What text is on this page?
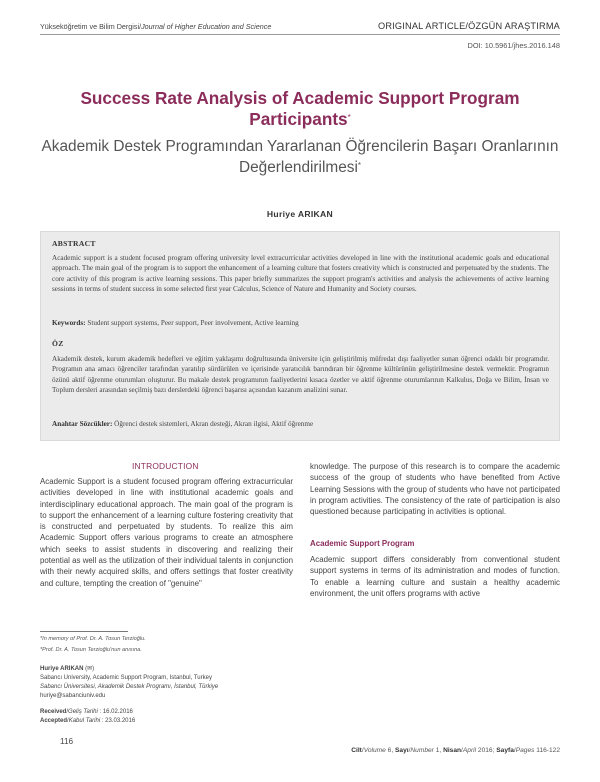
Yükseköğretim ve Bilim Dergisi/Journal of Higher Education and Science	ORIGINAL ARTICLE/ÖZGÜN ARAŞTIRMA
DOI: 10.5961/jhes.2016.148
Success Rate Analysis of Academic Support Program Participants*
Akademik Destek Programından Yararlanan Öğrencilerin Başarı Oranlarının Değerlendirilmesi*
Huriye ARIKAN
ABSTRACT
Academic support is a student focused program offering university level extracurricular activities developed in line with the institutional academic goals and educational approach. The main goal of the program is to support the enhancement of a learning culture that fosters creativity which is constructed and perpetuated by the students. The core activity of this program is active learning sessions. This paper briefly summarizes the support program's activities and analysis the achievements of active learning sessions in terms of student success in some selected first year Calculus, Science of Nature and Humanity and Society courses.
Keywords: Student support systems, Peer support, Peer involvement, Active learning
ÖZ
Akademik destek, kurum akademik hedefleri ve eğitim yaklaşımı doğrultusunda üniversite için geliştirilmiş müfredat dışı faaliyetler sunan öğrenci odaklı bir programdır. Programın ana amacı öğrenciler tarafından yaratılıp sürdürülen ve içerisinde yaratıcılık barındıran bir öğrenme kültürünün geliştirilmesine destek vermektir. Programın özünü aktif öğrenme oturumları oluşturur. Bu makale destek programının faaliyetlerini kısaca özetler ve aktif öğrenme oturumlarının Kalkulus, Doğa ve Bilim, İnsan ve Toplum dersleri arasından seçilmiş bazı derslerdeki öğrenci başarısı açısından kazanım analizini sunar.
Anahtar Sözcükler: Öğrenci destek sistemleri, Akran desteği, Akran ilgisi, Aktif öğrenme
INTRODUCTION
Academic Support is a student focused program offering extracurricular activities developed in line with institutional academic goals and interdisciplinary educational approach. The main goal of the program is to support the enhancement of a learning culture fostering creativity that is constructed and perpetuated by students. To realize this aim Academic Support offers various programs to create an atmosphere which seeks to assist students in discovering and realizing their potential as well as the utilization of their individual talents in conjunction with their newly acquired skills, and offers settings that foster creativity and culture, tempting the creation of "genuine"
knowledge. The purpose of this research is to compare the academic success of the group of students who have benefited from Active Learning Sessions with the group of students who have not participated in program activities. The consistency of the rate of participation is also questioned because participating in activities is optional.
Academic Support Program
Academic support differs considerably from conventional student support systems in terms of its administration and modes of function. To enable a learning culture and sustain a healthy academic environment, the unit offers programs with active
*In memory of Prof. Dr. A. Tosun Terzioğlu.
*Prof. Dr. A. Tosun Terzioğlu'nun anısına.
Huriye ARIKAN (✉)
Sabancı University, Academic Support Program, Istanbul, Turkey
Sabancı Üniversitesi, Akademik Destek Programı, İstanbul, Türkiye
huriye@sabanciuniv.edu
Received/Geliş Tarihi : 16.02.2016
Accepted/Kabul Tarihi : 23.03.2016
116
Cilt/Volume 6, Sayı/Number 1, Nisan/April 2016; Sayfa/Pages 116-122
